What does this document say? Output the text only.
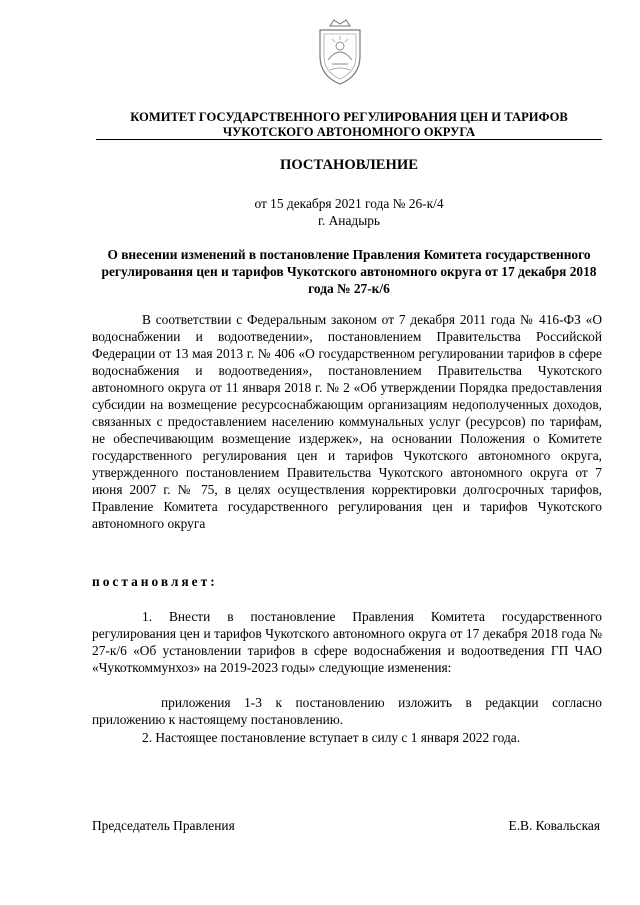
КОМИТЕТ ГОСУДАРСТВЕННОГО РЕГУЛИРОВАНИЯ ЦЕН И ТАРИФОВ
ЧУКОТСКОГО АВТОНОМНОГО ОКРУГА
ПОСТАНОВЛЕНИЕ
от 15 декабря 2021 года № 26-к/4
г. Анадырь
О внесении изменений в постановление Правления Комитета государственного регулирования цен и тарифов Чукотского автономного округа от 17 декабря 2018 года № 27-к/6
В соответствии с Федеральным законом от 7 декабря 2011 года № 416-ФЗ «О водоснабжении и водоотведении», постановлением Правительства Российской Федерации от 13 мая 2013 г. № 406 «О государственном регулировании тарифов в сфере водоснабжения и водоотведения», постановлением Правительства Чукотского автономного округа от 11 января 2018 г. № 2 «Об утверждении Порядка предоставления субсидии на возмещение ресурсоснабжающим организациям недополученных доходов, связанных с предоставлением населению коммунальных услуг (ресурсов) по тарифам, не обеспечивающим возмещение издержек», на основании Положения о Комитете государственного регулирования цен и тарифов Чукотского автономного округа, утвержденного постановлением Правительства Чукотского автономного округа от 7 июня 2007 г. № 75, в целях осуществления корректировки долгосрочных тарифов, Правление Комитета государственного регулирования цен и тарифов Чукотского автономного округа
постановляет:
1. Внести в постановление Правления Комитета государственного регулирования цен и тарифов Чукотского автономного округа от 17 декабря 2018 года № 27-к/6 «Об установлении тарифов в сфере водоснабжения и водоотведения ГП ЧАО «Чукоткоммунхоз» на 2019-2023 годы» следующие изменения:
приложения 1-3 к постановлению изложить в редакции согласно приложению к настоящему постановлению.
2. Настоящее постановление вступает в силу с 1 января 2022 года.
Председатель Правления	Е.В. Ковальская
